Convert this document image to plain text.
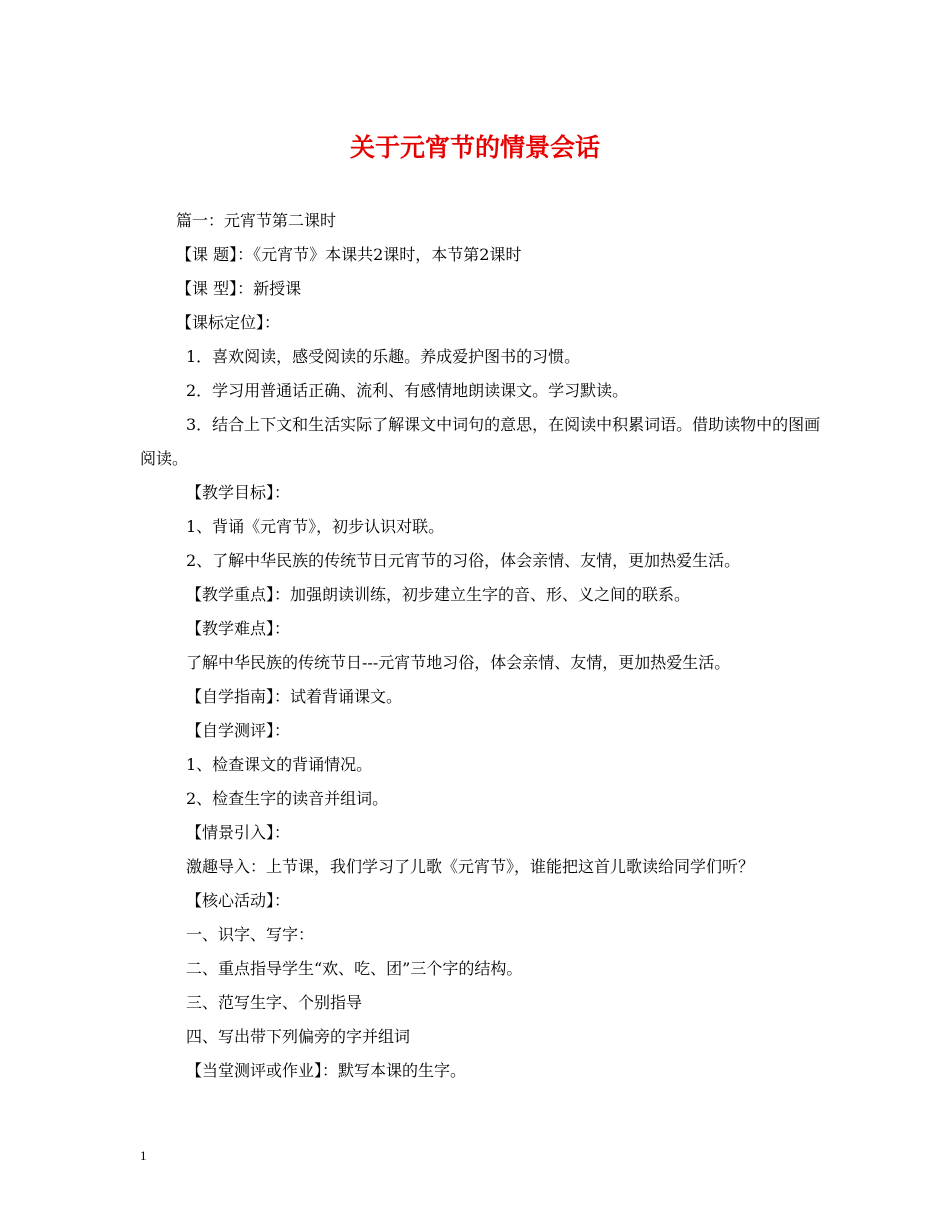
关于元宵节的情景会话

篇一：元宵节第二课时

【课 题】：《元宵节》本课共2课时，本节第2课时

【课 型】：新授课

【课标定位】：

1．喜欢阅读，感受阅读的乐趣。养成爱护图书的习惯。

2．学习用普通话正确、流利、有感情地朗读课文。学习默读。

3．结合上下文和生活实际了解课文中词句的意思，在阅读中积累词语。借助读物中的图画阅读。

【教学目标】：

1、背诵《元宵节》，初步认识对联。

2、了解中华民族的传统节日元宵节的习俗，体会亲情、友情，更加热爱生活。

【教学重点】：加强朗读训练，初步建立生字的音、形、义之间的联系。

【教学难点】：

了解中华民族的传统节日---元宵节地习俗，体会亲情、友情，更加热爱生活。

【自学指南】：试着背诵课文。

【自学测评】：

1、检查课文的背诵情况。

2、检查生字的读音并组词。

【情景引入】：

激趣导入：上节课，我们学习了儿歌《元宵节》，谁能把这首儿歌读给同学们听？

【核心活动】：

一、识字、写字：

二、重点指导学生“欢、吃、团”三个字的结构。

三、范写生字、个别指导

四、写出带下列偏旁的字并组词

【当堂测评或作业】：默写本课的生字。

1
